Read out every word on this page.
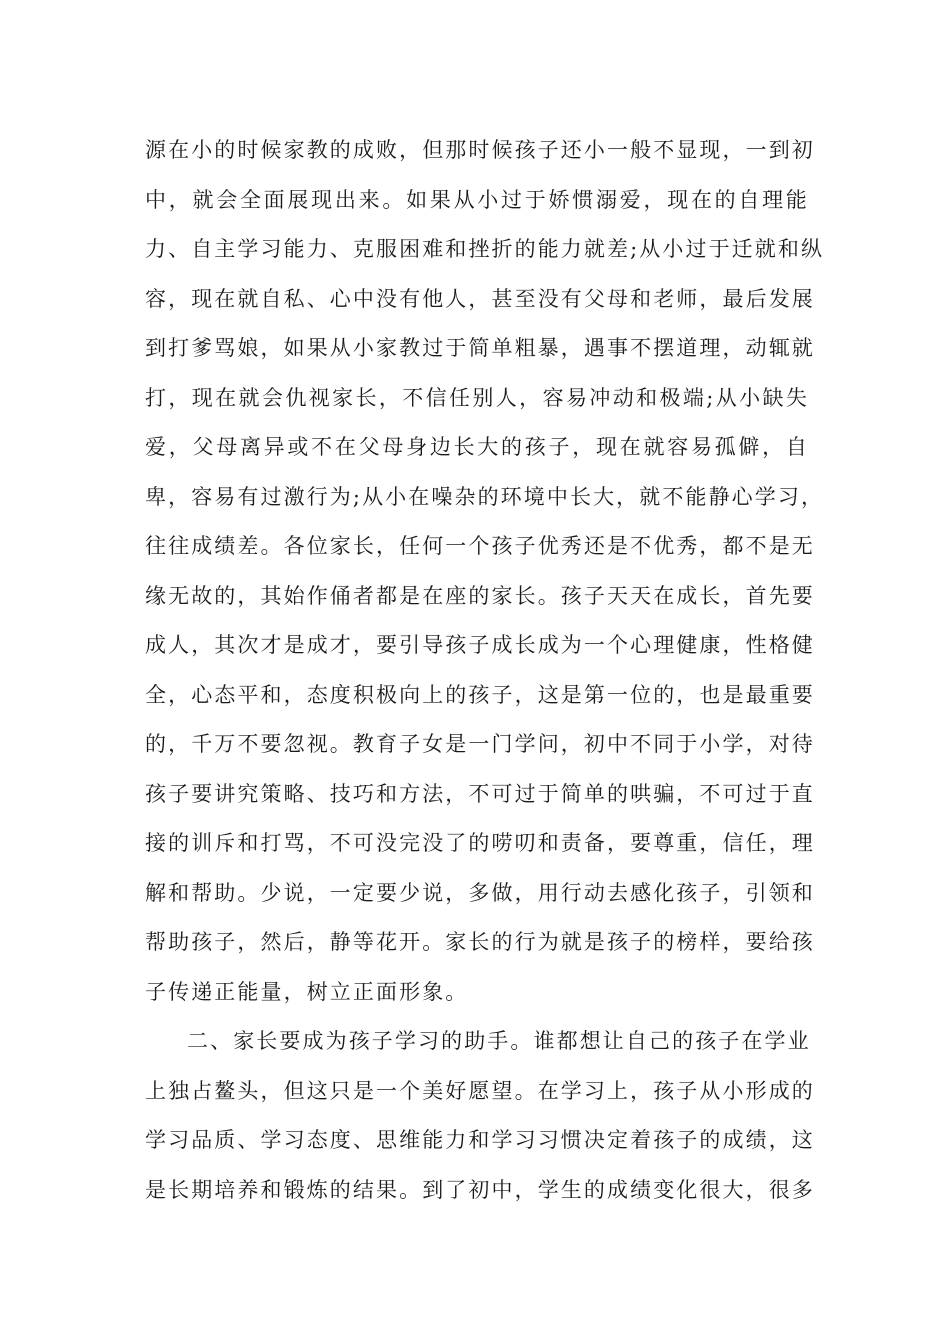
源在小的时候家教的成败，但那时候孩子还小一般不显现，一到初
中，就会全面展现出来。如果从小过于娇惯溺爱，现在的自理能
力、自主学习能力、克服困难和挫折的能力就差;从小过于迁就和纵
容，现在就自私、心中没有他人，甚至没有父母和老师，最后发展
到打爹骂娘，如果从小家教过于简单粗暴，遇事不摆道理，动辄就
打，现在就会仇视家长，不信任别人，容易冲动和极端;从小缺失
爱，父母离异或不在父母身边长大的孩子，现在就容易孤僻，自
卑，容易有过激行为;从小在噪杂的环境中长大，就不能静心学习，
往往成绩差。各位家长，任何一个孩子优秀还是不优秀，都不是无
缘无故的，其始作俑者都是在座的家长。孩子天天在成长，首先要
成人，其次才是成才，要引导孩子成长成为一个心理健康，性格健
全，心态平和，态度积极向上的孩子，这是第一位的，也是最重要
的，千万不要忽视。教育子女是一门学问，初中不同于小学，对待
孩子要讲究策略、技巧和方法，不可过于简单的哄骗，不可过于直
接的训斥和打骂，不可没完没了的唠叨和责备，要尊重，信任，理
解和帮助。少说，一定要少说，多做，用行动去感化孩子，引领和
帮助孩子，然后，静等花开。家长的行为就是孩子的榜样，要给孩
子传递正能量，树立正面形象。
二、家长要成为孩子学习的助手。谁都想让自己的孩子在学业
上独占鳌头，但这只是一个美好愿望。在学习上，孩子从小形成的
学习品质、学习态度、思维能力和学习习惯决定着孩子的成绩，这
是长期培养和锻炼的结果。到了初中，学生的成绩变化很大，很多
